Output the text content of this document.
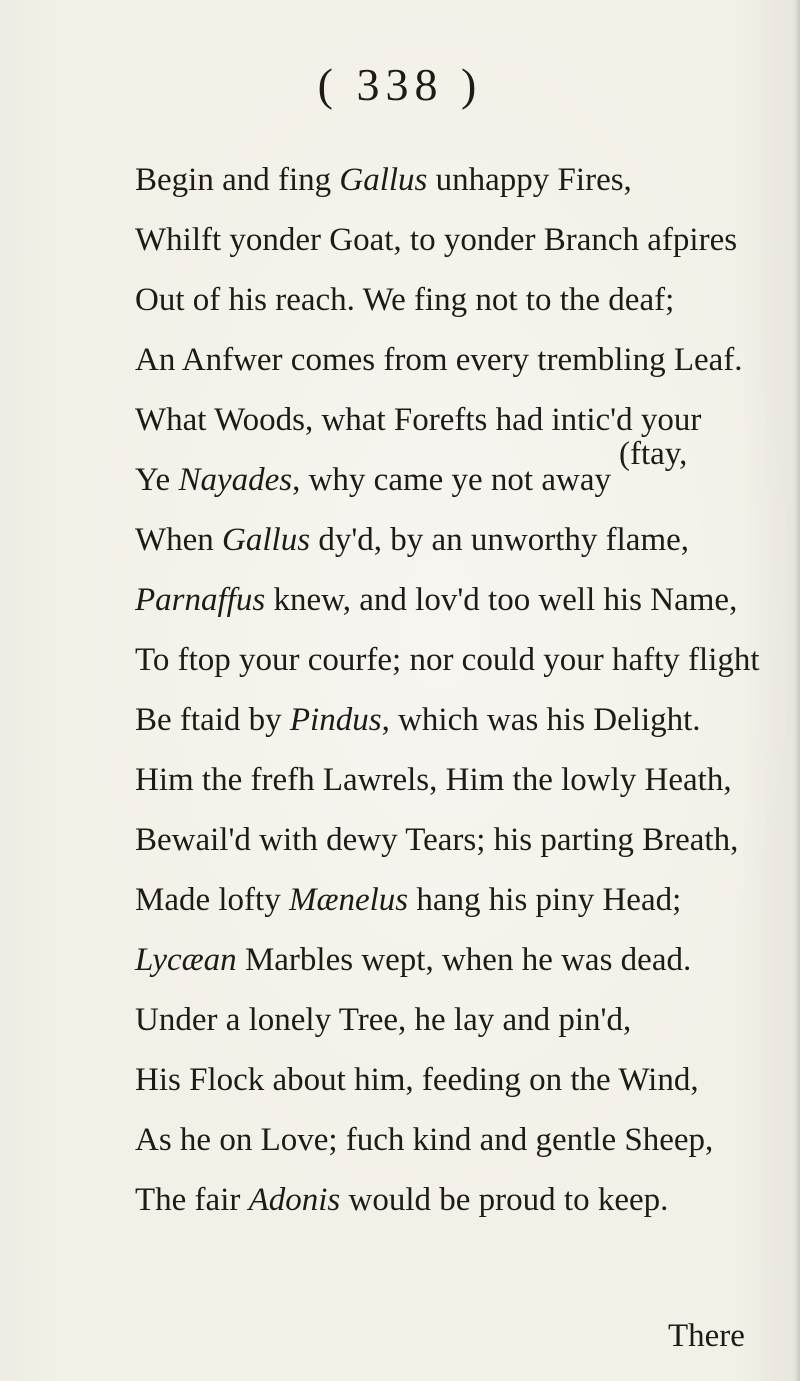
( 338 )
Begin and fing Gallus unhappy Fires,
Whilft yonder Goat, to yonder Branch afpires
Out of his reach. We fing not to the deaf;
An Anfwer comes from every trembling Leaf.
What Woods, what Forefts had intic'd your
Ye Nayades, why came ye not away
(ftay,
When Gallus dy'd, by an unworthy flame,
Parnaffus knew, and lov'd too well his Name,
To ftop your courfe; nor could your hafty flight
Be ftaid by Pindus, which was his Delight.
Him the frefh Lawrels, Him the lowly Heath,
Bewail'd with dewy Tears; his parting Breath,
Made lofty Mænelus hang his piny Head;
Lycæan Marbles wept, when he was dead.
Under a lonely Tree, he lay and pin'd,
His Flock about him, feeding on the Wind,
As he on Love; fuch kind and gentle Sheep,
The fair Adonis would be proud to keep.
There
